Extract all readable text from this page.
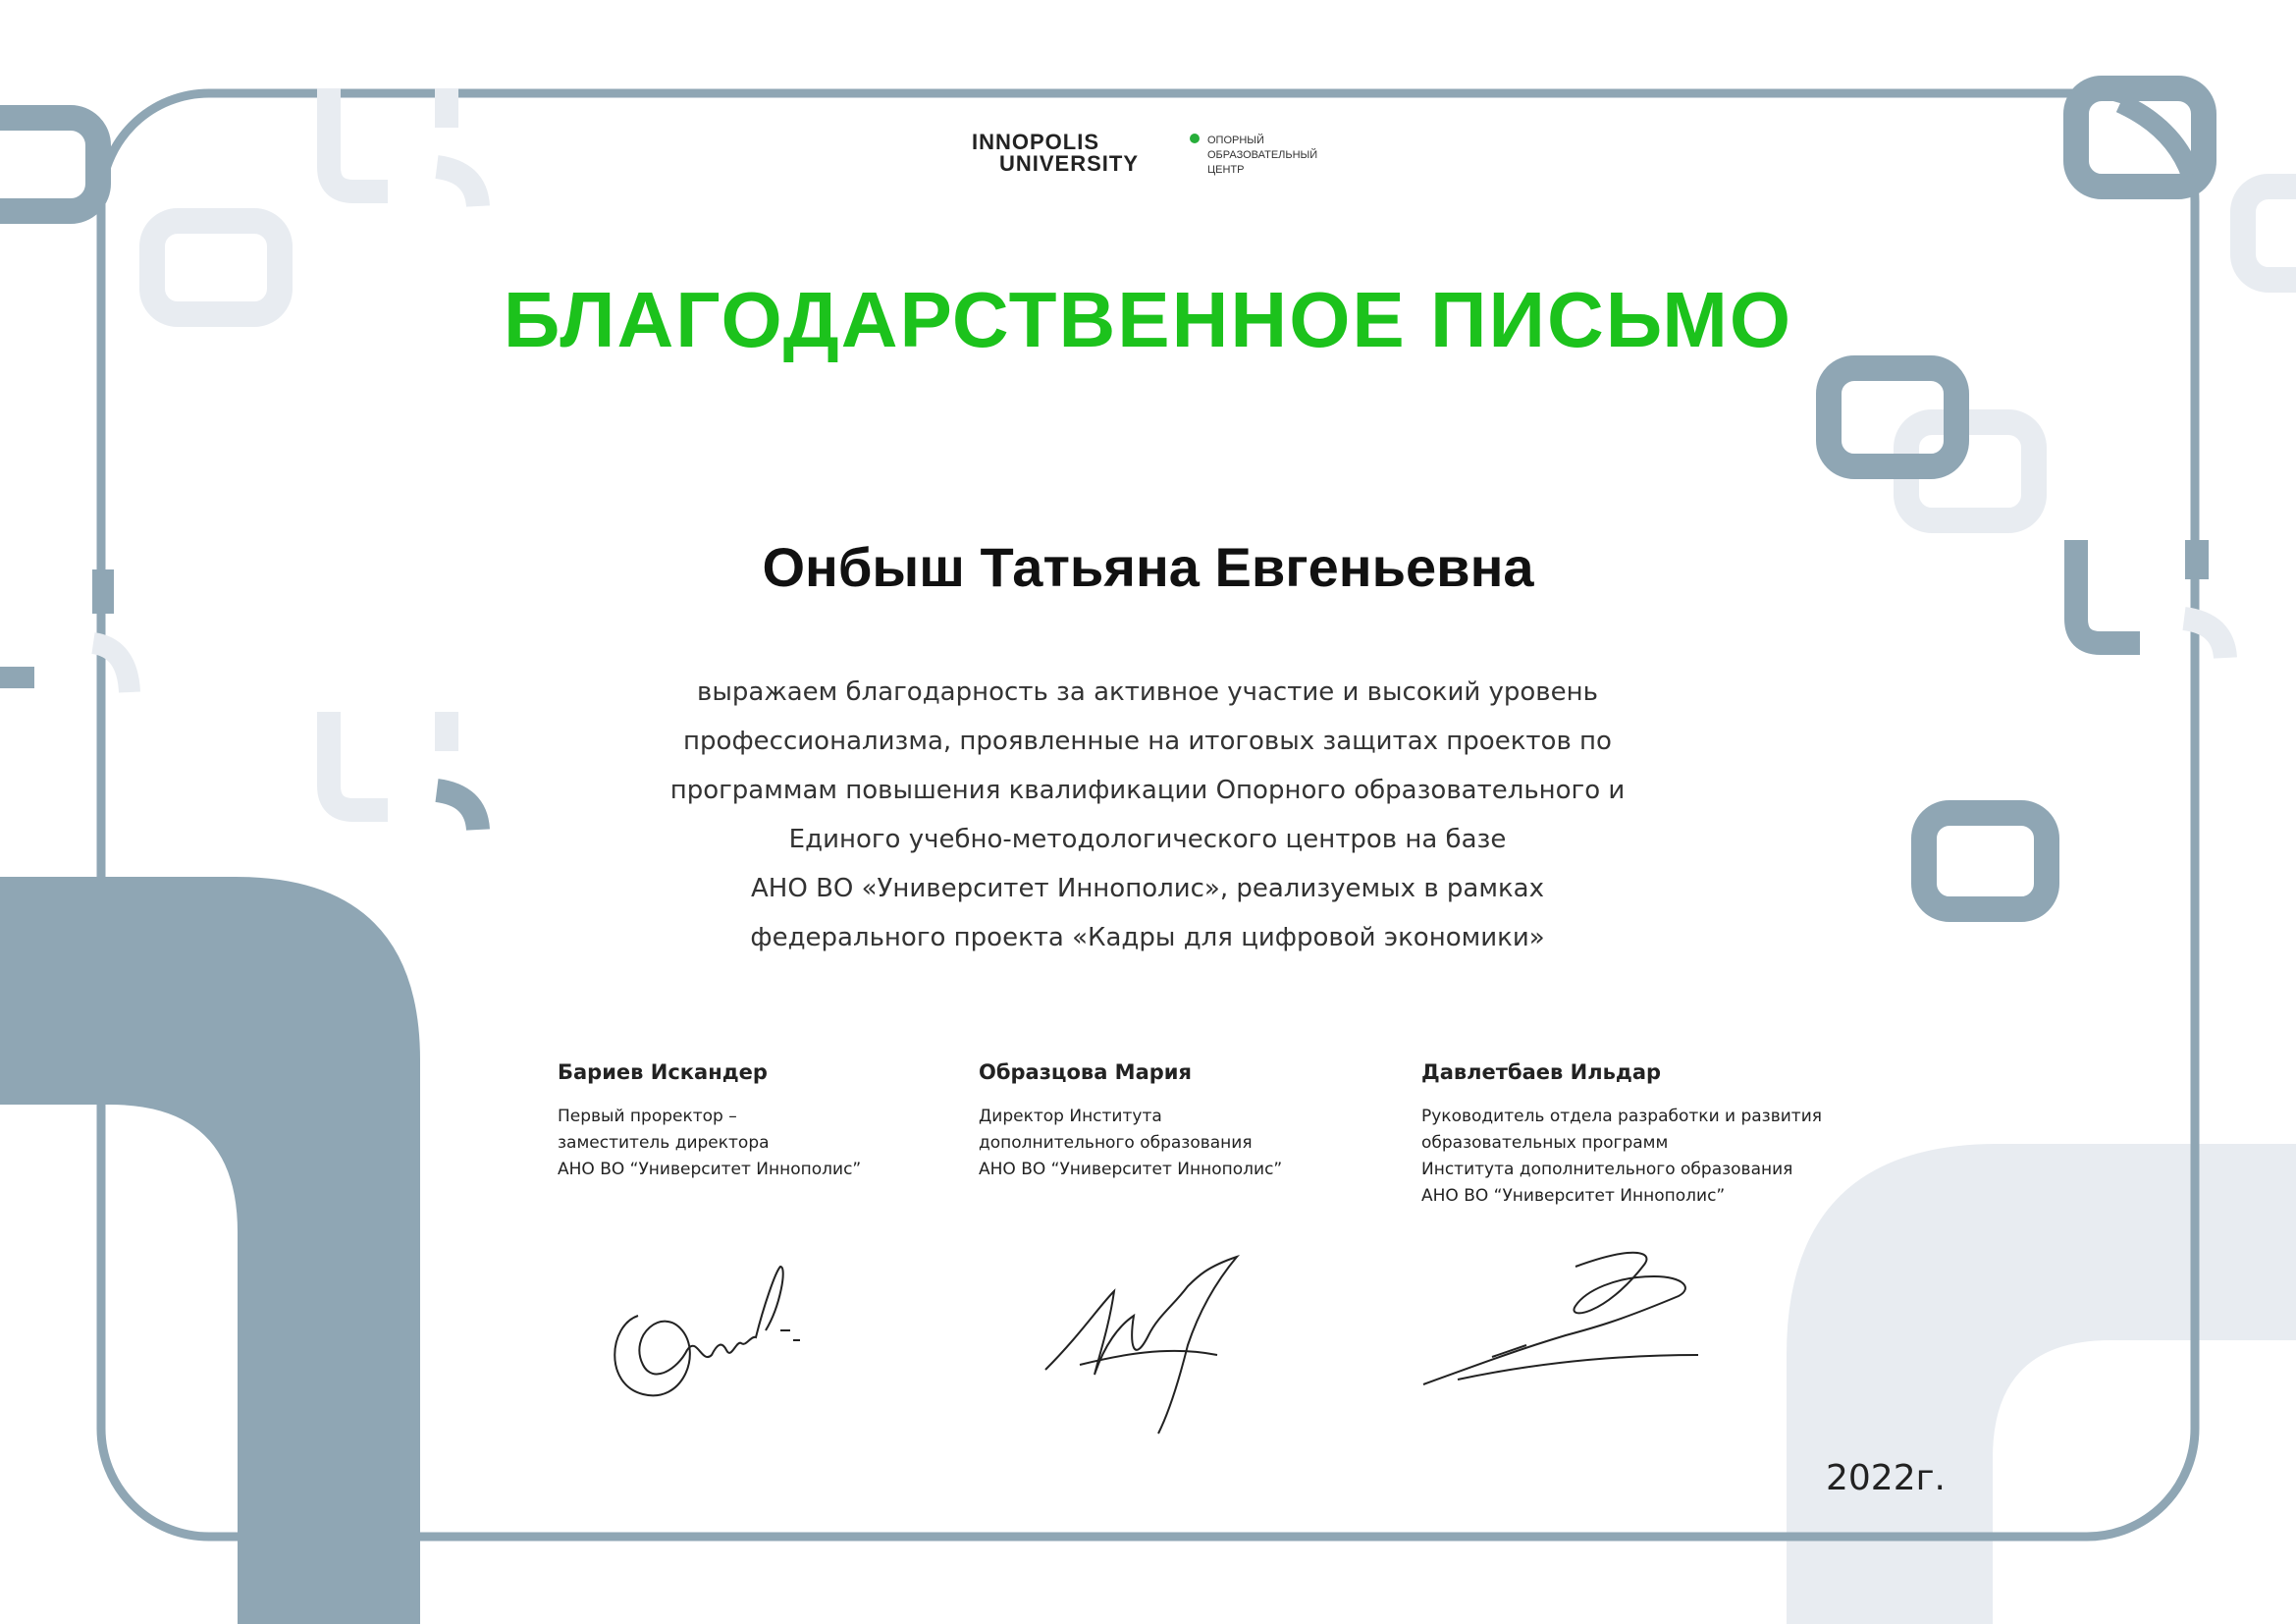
INNOPOLIS
UNIVERSITY
ОПОРНЫЙ
ОБРАЗОВАТЕЛЬНЫЙ
ЦЕНТР
БЛАГОДАРСТВЕННОЕ ПИСЬМО
Онбыш Татьяна Евгеньевна
выражаем благодарность за активное участие и высокий уровень
профессионализма, проявленные на итоговых защитах проектов по
программам повышения квалификации Опорного образовательного и
Единого учебно-методологического центров на базе
АНО ВО «Университет Иннополис», реализуемых в рамках
федерального проекта «Кадры для цифровой экономики»
Бариев Искандер
Первый проректор –
заместитель директора
АНО ВО “Университет Иннополис”
Образцова Мария
Директор Института
дополнительного образования
АНО ВО “Университет Иннополис”
Давлетбаев Ильдар
Руководитель отдела разработки и развития
образовательных программ
Института дополнительного образования
АНО ВО “Университет Иннополис”
2022г.
